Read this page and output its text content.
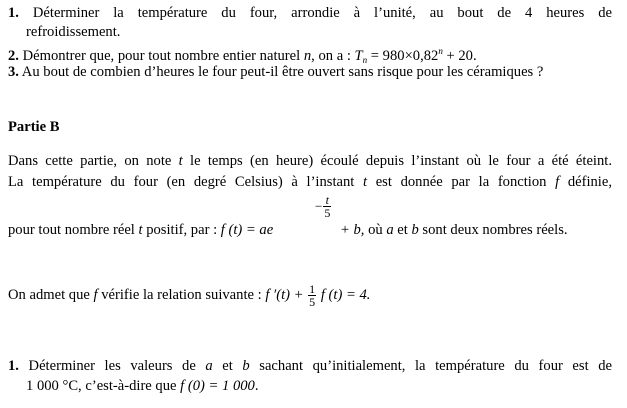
1. Déterminer la température du four, arrondie à l’unité, au bout de 4 heures de
refroidissement.
2. Démontrer que, pour tout nombre entier naturel n, on a : $T_n = 980\times 0,82^n + 20$.
3. Au bout de combien d’heures le four peut-il être ouvert sans risque pour les céramiques ?
Partie B
Dans cette partie, on note t le temps (en heure) écoulé depuis l’instant où le four a été éteint.
La température du four (en degré Celsius) à l’instant t est donnée par la fonction f définie,
− $\frac{t}{5}$
pour tout nombre réel t positif, par : f (t) = ae	+ b, où a et b sont deux nombres réels.
On admet que f vérifie la relation suivante : f $'(t) + \frac{1}{5}$ f (t) = 4.
1. Déterminer les valeurs de a et b sachant qu’initialement, la température du four est de
1 000 °C, c’est-à-dire que f (0) = 1 000.
